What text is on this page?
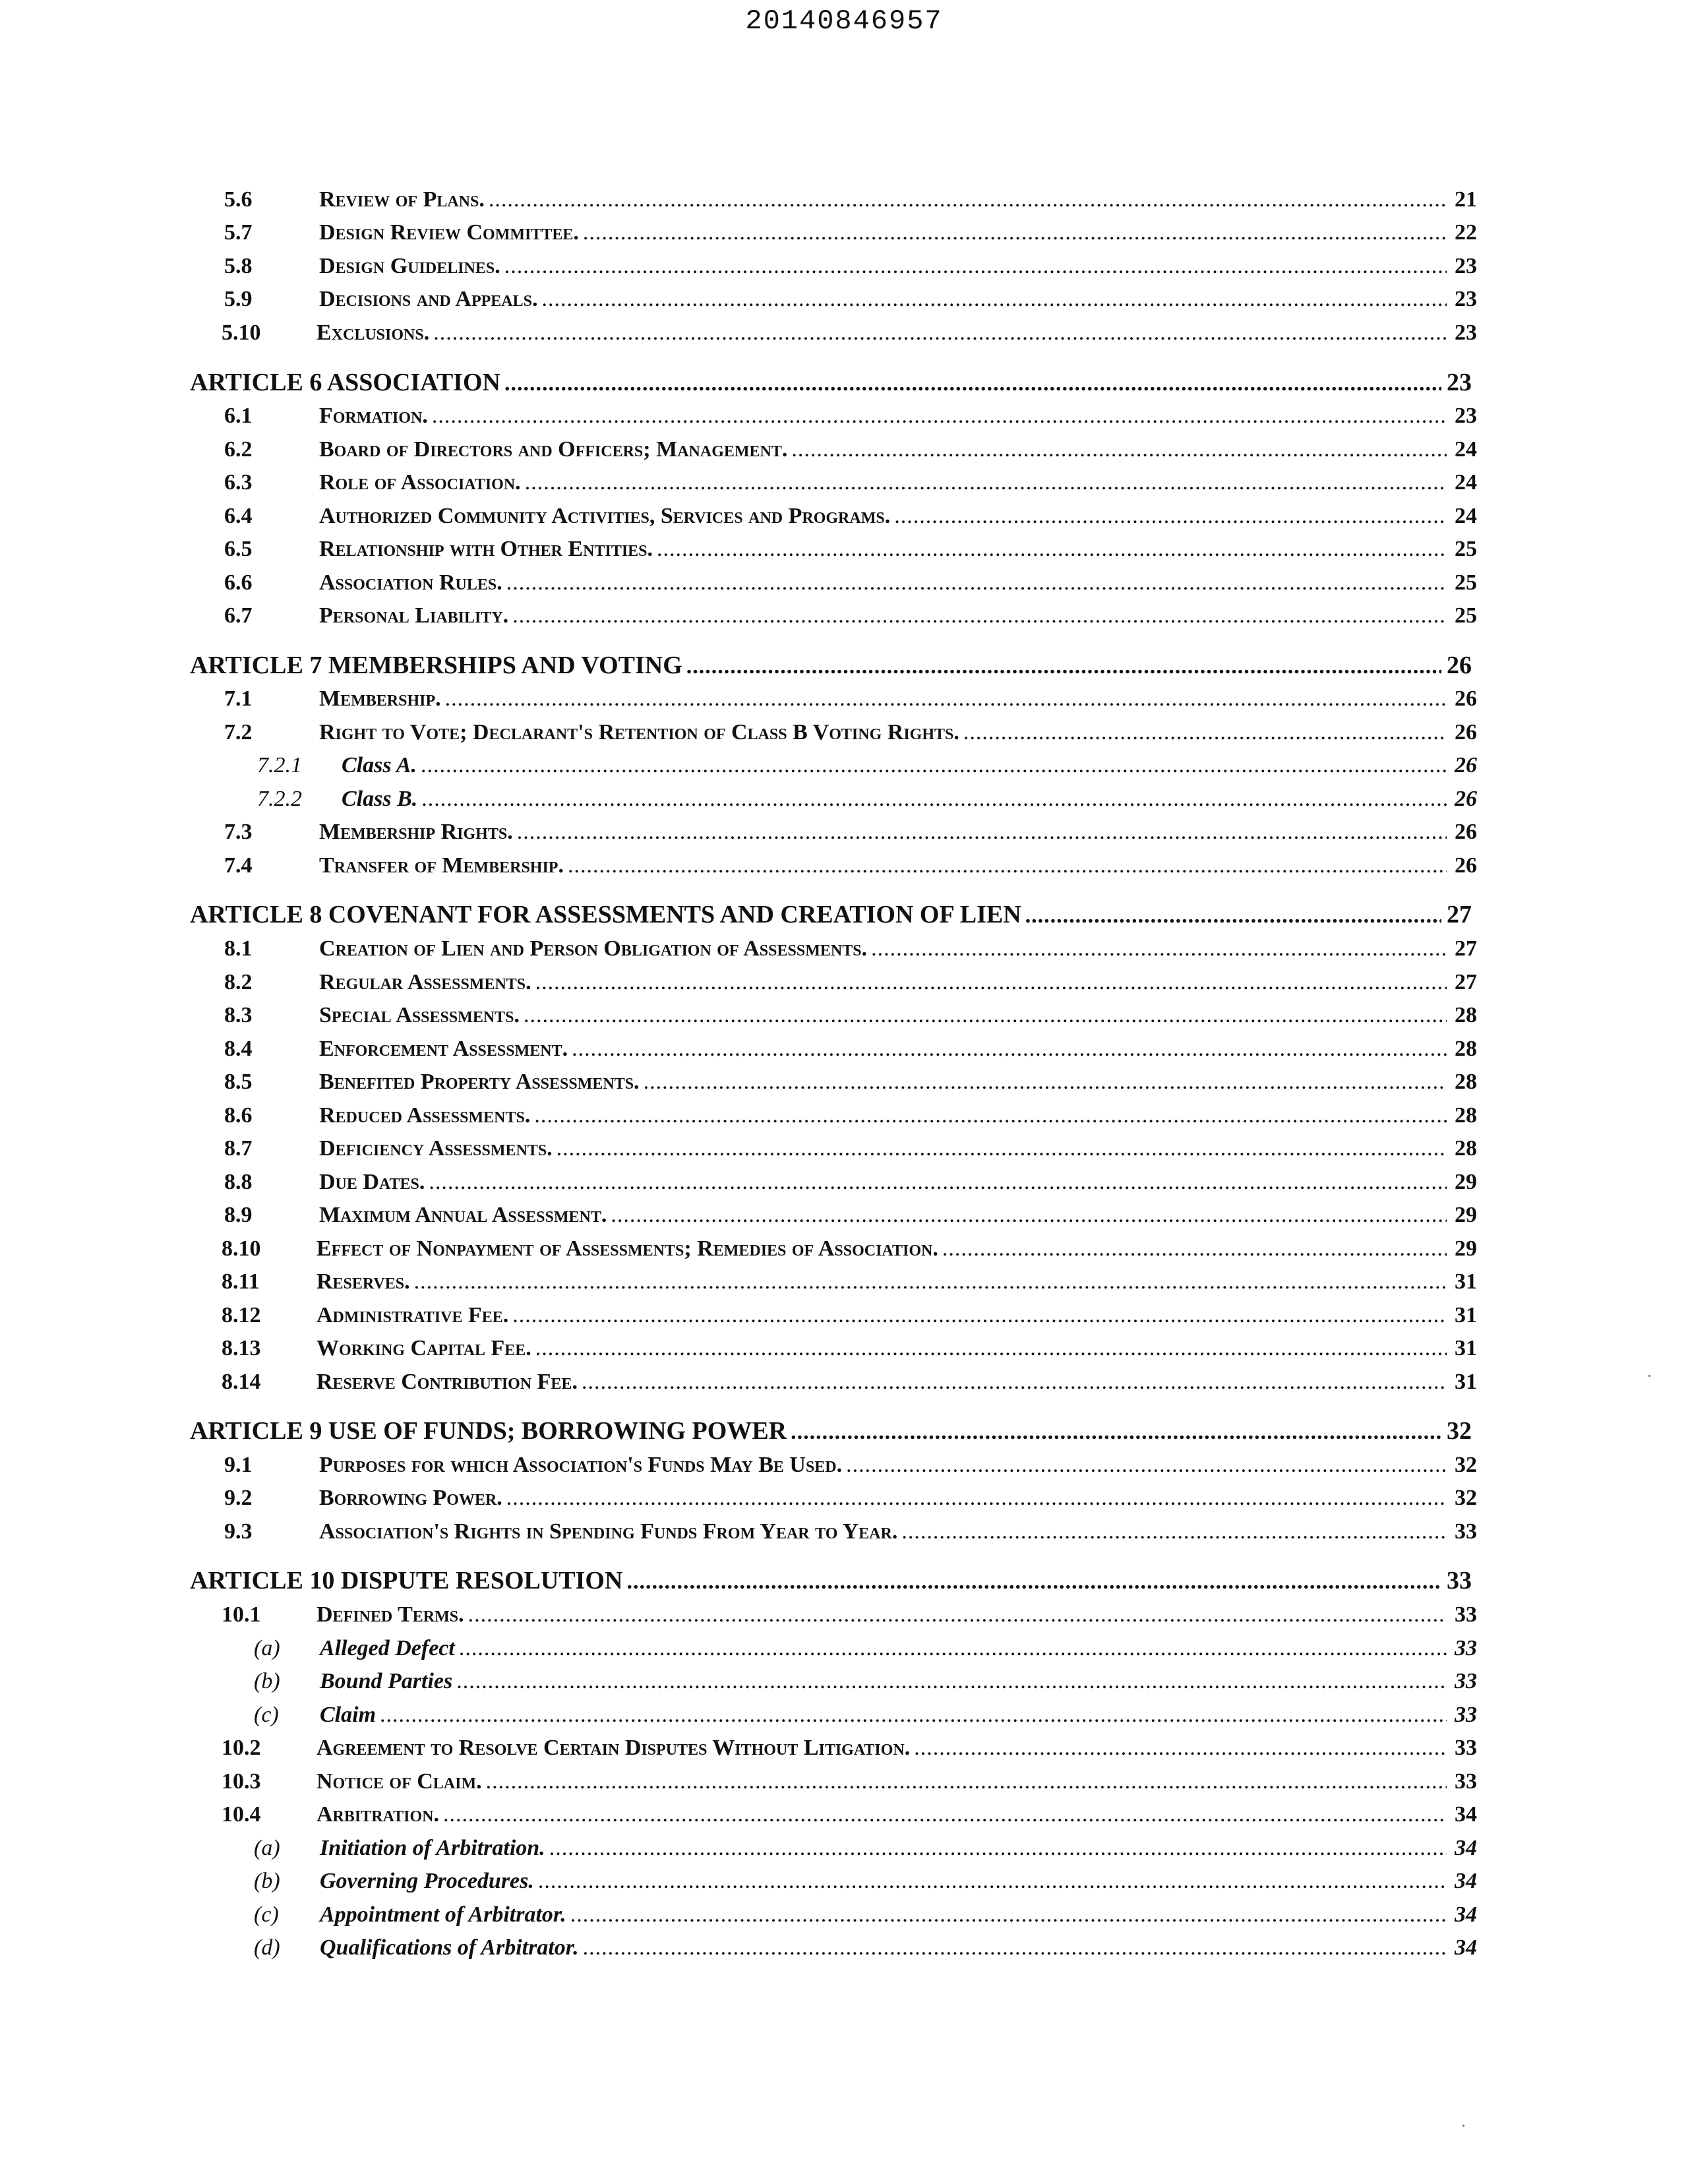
20140846957
5.6	Review of Plans. .....	21
5.7	Design Review Committee. .....	22
5.8	Design Guidelines. .....	23
5.9	Decisions and Appeals. .....	23
5.10	Exclusions. .....	23
ARTICLE 6 ASSOCIATION .....	23
6.1	Formation. .....	23
6.2	Board of Directors and Officers; Management. .....	24
6.3	Role of Association. .....	24
6.4	Authorized Community Activities, Services and Programs. .....	24
6.5	Relationship with Other Entities. .....	25
6.6	Association Rules. .....	25
6.7	Personal Liability. .....	25
ARTICLE 7 MEMBERSHIPS AND VOTING .....	26
7.1	Membership. .....	26
7.2	Right to Vote; Declarant's Retention of Class B Voting Rights. .....	26
7.2.1	Class A. .....	26
7.2.2	Class B. .....	26
7.3	Membership Rights. .....	26
7.4	Transfer of Membership. .....	26
ARTICLE 8 COVENANT FOR ASSESSMENTS AND CREATION OF LIEN .....	27
8.1	Creation of Lien and Person Obligation of Assessments. .....	27
8.2	Regular Assessments. .....	27
8.3	Special Assessments. .....	28
8.4	Enforcement Assessment. .....	28
8.5	Benefited Property Assessments. .....	28
8.6	Reduced Assessments. .....	28
8.7	Deficiency Assessments. .....	28
8.8	Due Dates. .....	29
8.9	Maximum Annual Assessment. .....	29
8.10	Effect of Nonpayment of Assessments; Remedies of Association. .....	29
8.11	Reserves. .....	31
8.12	Administrative Fee. .....	31
8.13	Working Capital Fee. .....	31
8.14	Reserve Contribution Fee. .....	31
ARTICLE 9 USE OF FUNDS; BORROWING POWER .....	32
9.1	Purposes for which Association's Funds May Be Used. .....	32
9.2	Borrowing Power. .....	32
9.3	Association's Rights in Spending Funds From Year to Year. .....	33
ARTICLE 10 DISPUTE RESOLUTION .....	33
10.1	Defined Terms. .....	33
(a)	Alleged Defect .....	33
(b)	Bound Parties .....	33
(c)	Claim .....	33
10.2	Agreement to Resolve Certain Disputes Without Litigation. .....	33
10.3	Notice of Claim. .....	33
10.4	Arbitration. .....	34
(a)	Initiation of Arbitration. .....	34
(b)	Governing Procedures. .....	34
(c)	Appointment of Arbitrator. .....	34
(d)	Qualifications of Arbitrator. .....	34
